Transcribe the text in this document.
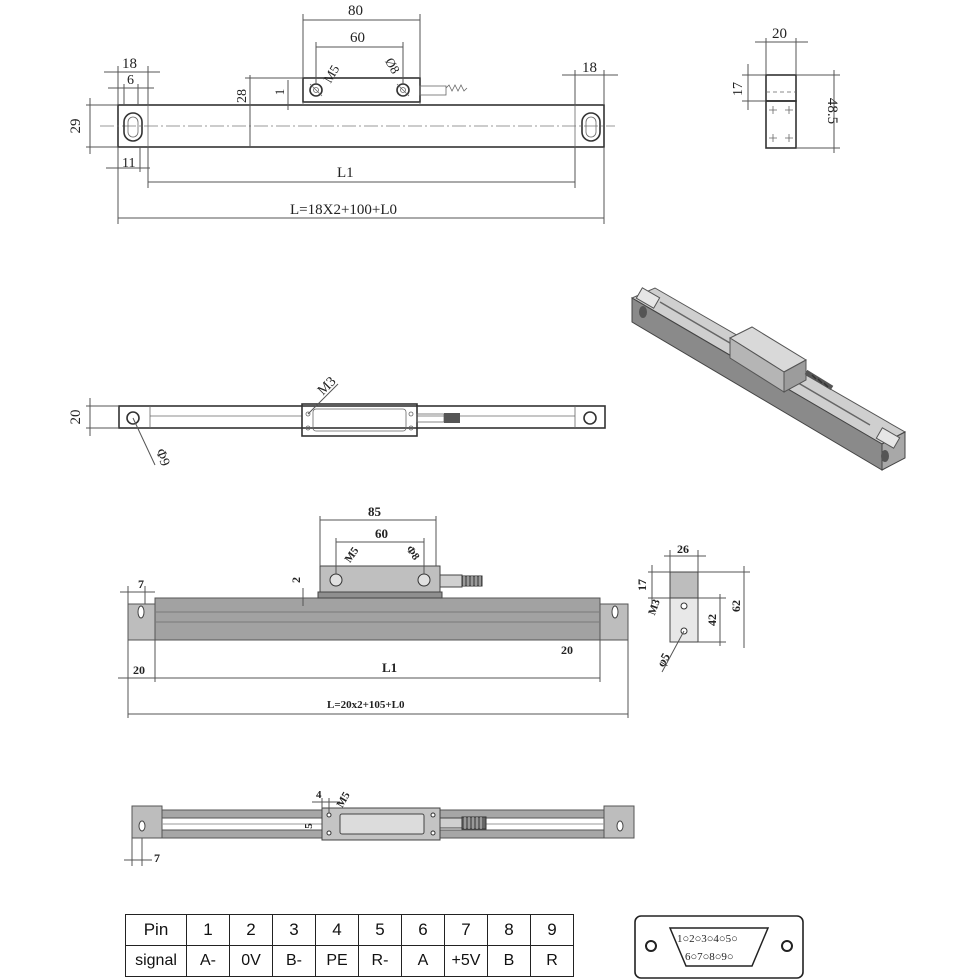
80
60
M5	Ø8
18
6
18
28 1
29
11
L1
L=18X2+100+L0
20
17
48.5
20
M3
Φ9
85
60
M5	Φ8
2
7
20
20
L1
L=20x2+105+L0
26
17
M3
42
62
φ5
4 M5
5
7
1○2○3○4○5○
6○7○8○9○
Pin	1	2	3	4	5	6	7	8	9
signal	A-	0V	B-	PE	R-	A	+5V	B	R
